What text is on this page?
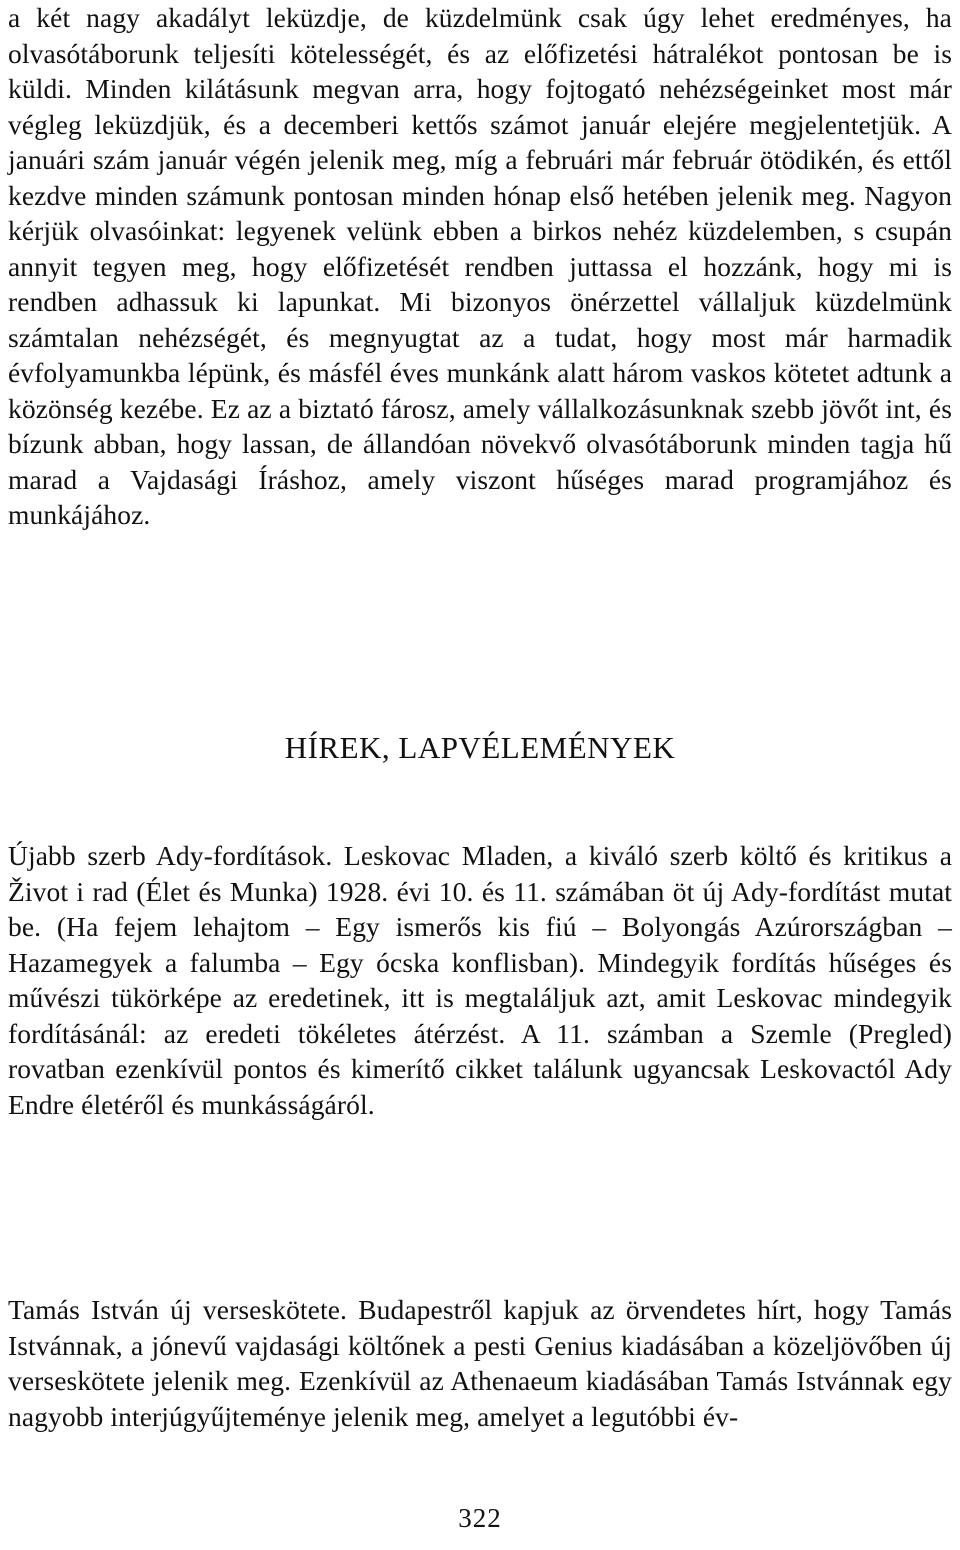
a két nagy akadályt leküzdje, de küzdelmünk csak úgy lehet eredményes, ha olvasótáborunk teljesíti kötelességét, és az előfizetési hátralékot pontosan be is küldi. Minden kilátásunk megvan arra, hogy fojtogató nehézségeinket most már végleg leküzdjük, és a decemberi kettős számot január elejére megjelentetjük. A januári szám január végén jelenik meg, míg a februári már február ötödikén, és ettől kezdve minden számunk pontosan minden hónap első hetében jelenik meg. Nagyon kérjük olvasóinkat: legyenek velünk ebben a birkos nehéz küzdelemben, s csupán annyit tegyen meg, hogy előfizetését rendben juttassa el hozzánk, hogy mi is rendben adhassuk ki lapunkat. Mi bizonyos önérzettel vállaljuk küzdelmünk számtalan nehézségét, és megnyugtat az a tudat, hogy most már harmadik évfolyamunkba lépünk, és másfél éves munkánk alatt három vaskos kötetet adtunk a közönség kezébe. Ez az a biztató fárosz, amely vállalkozásunknak szebb jövőt int, és bízunk abban, hogy lassan, de állandóan növekvő olvasótáborunk minden tagja hű marad a Vajdasági Íráshoz, amely viszont hűséges marad programjához és munkájához.

HÍREK, LAPVÉLEMÉNYEK

Újabb szerb Ady-fordítások. Leskovac Mladen, a kiváló szerb költő és kritikus a Život i rad (Élet és Munka) 1928. évi 10. és 11. számában öt új Ady-fordítást mutat be. (Ha fejem lehajtom – Egy ismerős kis fiú – Bolyongás Azúrországban – Hazamegyek a falumba – Egy ócska konflisban). Mindegyik fordítás hűséges és művészi tükörképe az eredetinek, itt is megtaláljuk azt, amit Leskovac mindegyik fordításánál: az eredeti tökéletes átérzést. A 11. számban a Szemle (Pregled) rovatban ezenkívül pontos és kimerítő cikket találunk ugyancsak Leskovactól Ady Endre életéről és munkásságáról.

Tamás István új verseskötete. Budapestről kapjuk az örvendetes hírt, hogy Tamás Istvánnak, a jónevű vajdasági költőnek a pesti Genius kiadásában a közeljövőben új verseskötete jelenik meg. Ezenkívül az Athenaeum kiadásában Tamás Istvánnak egy nagyobb interjúgyűjteménye jelenik meg, amelyet a legutóbbi év-

322
